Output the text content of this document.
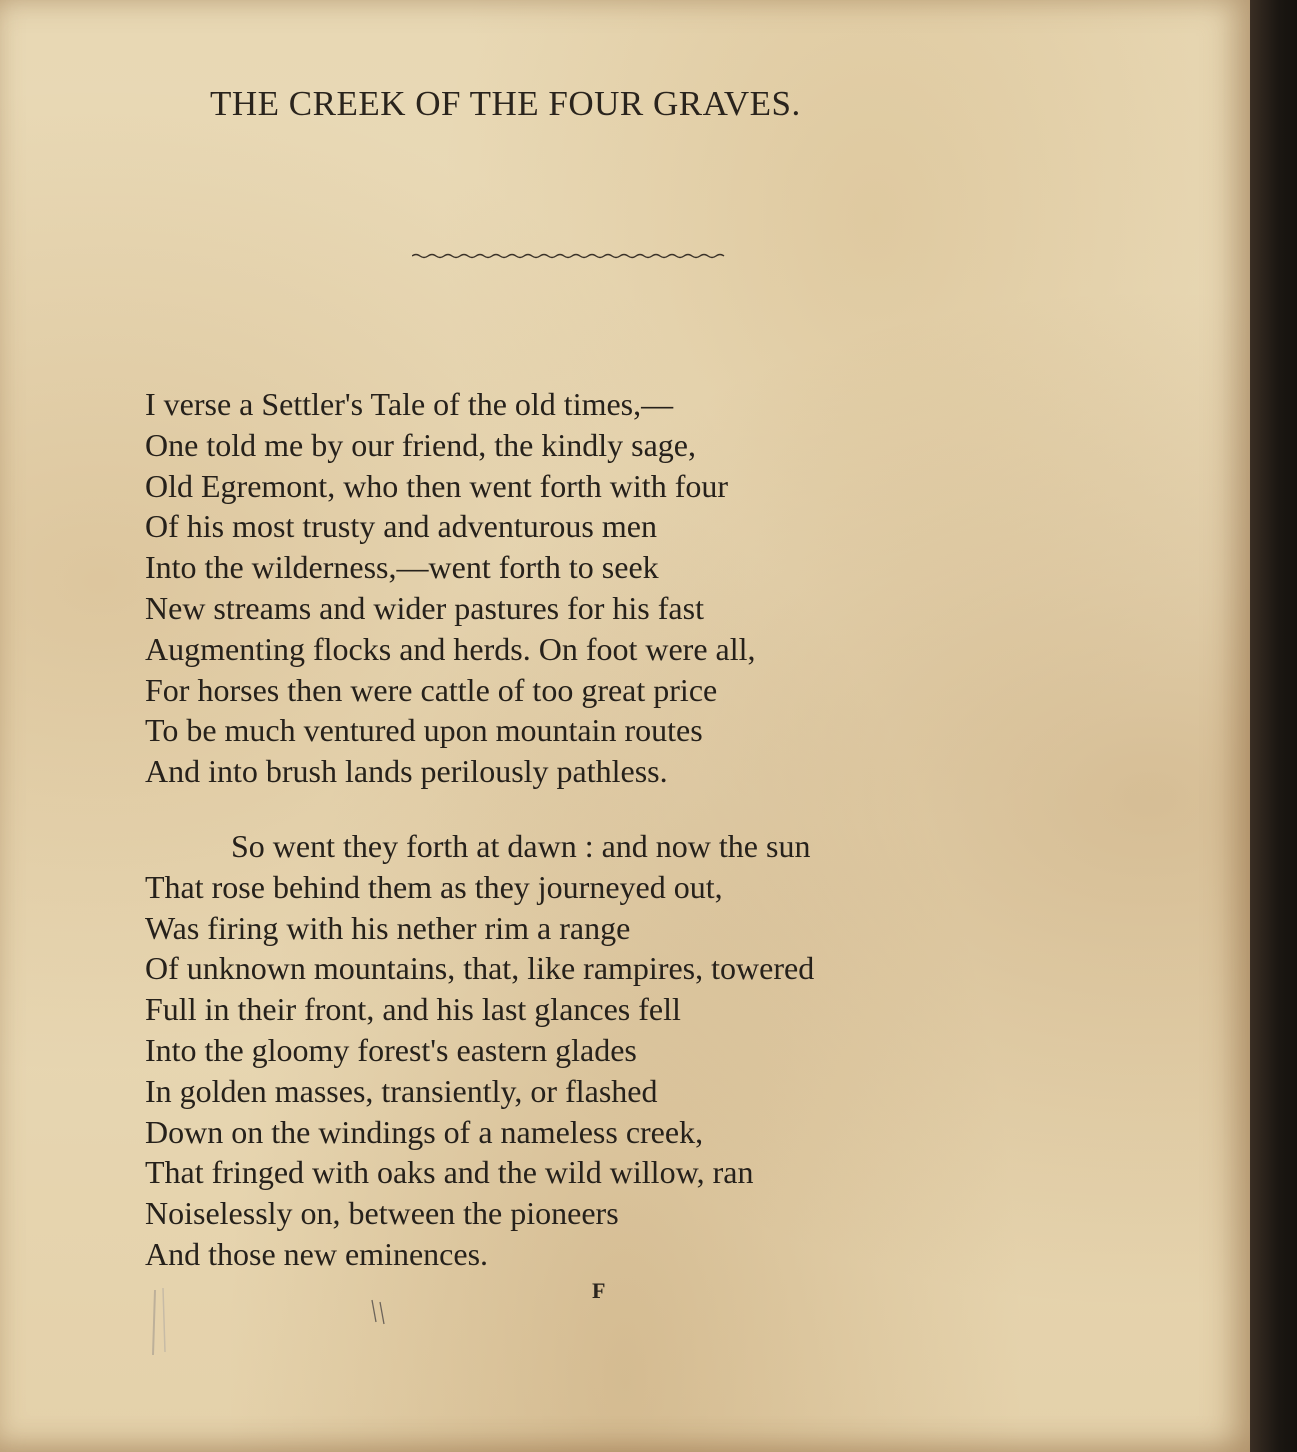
THE CREEK OF THE FOUR GRAVES.
I verse a Settler's Tale of the old times,—
One told me by our friend, the kindly sage,
Old Egremont, who then went forth with four
Of his most trusty and adventurous men
Into the wilderness,—went forth to seek
New streams and wider pastures for his fast
Augmenting flocks and herds. On foot were all,
For horses then were cattle of too great price
To be much ventured upon mountain routes
And into brush lands perilously pathless.
So went they forth at dawn : and now the sun
That rose behind them as they journeyed out,
Was firing with his nether rim a range
Of unknown mountains, that, like rampires, towered
Full in their front, and his last glances fell
Into the gloomy forest's eastern glades
In golden masses, transiently, or flashed
Down on the windings of a nameless creek,
That fringed with oaks and the wild willow, ran
Noiselessly on, between the pioneers
And those new eminences.
F
